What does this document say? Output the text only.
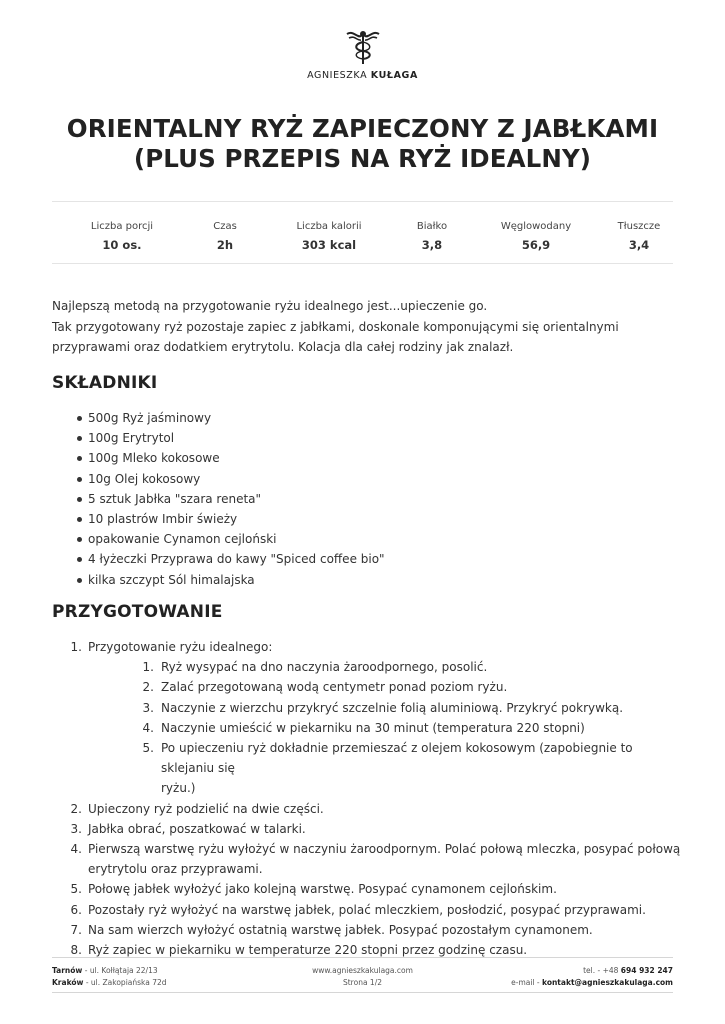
AGNIESZKA KUŁAGA
ORIENTALNY RYŻ ZAPIECZONY Z JABŁKAMI
(PLUS PRZEPIS NA RYŻ IDEALNY)
Liczba porcji
10 os.
Czas
2h
Liczba kalorii
303 kcal
Białko
3,8
Węglowodany
56,9
Tłuszcze
3,4

Najlepszą metodą na przygotowanie ryżu idealnego jest...upieczenie go.

Tak przygotowany ryż pozostaje zapiec z jabłkami, doskonale komponującymi się orientalnymi

przyprawami oraz dodatkiem erytrytolu. Kolacja dla całej rodziny jak znalazł.

SKŁADNIKI
500g Ryż jaśminowy
100g Erytrytol
100g Mleko kokosowe
10g Olej kokosowy
5 sztuk Jabłka "szara reneta"
10 plastrów Imbir świeży
opakowanie Cynamon cejloński
4 łyżeczki Przyprawa do kawy "Spiced coffee bio"
kilka szczypt Sól himalajska
PRZYGOTOWANIE
1. Przygotowanie ryżu idealnego:
1. Ryż wysypać na dno naczynia żaroodpornego, posolić.
2. Zalać przegotowaną wodą centymetr ponad poziom ryżu.
3. Naczynie z wierzchu przykryć szczelnie folią aluminiową. Przykryć pokrywką.
4. Naczynie umieścić w piekarniku na 30 minut (temperatura 220 stopni)
5. Po upieczeniu ryż dokładnie przemieszać z olejem kokosowym (zapobiegnie to sklejaniu się
ryżu.)
2. Upieczony ryż podzielić na dwie części.
3. Jabłka obrać, poszatkować w talarki.
4. Pierwszą warstwę ryżu wyłożyć w naczyniu żaroodpornym. Polać połową mleczka, posypać połową
erytrytolu oraz przyprawami.
5. Połowę jabłek wyłożyć jako kolejną warstwę. Posypać cynamonem cejlońskim.
6. Pozostały ryż wyłożyć na warstwę jabłek, polać mleczkiem, posłodzić, posypać przyprawami.
7. Na sam wierzch wyłożyć ostatnią warstwę jabłek. Posypać pozostałym cynamonem.
8. Ryż zapiec w piekarniku w temperaturze 220 stopni przez godzinę czasu.
Tarnów - ul. Kołłątaja 22/13
Kraków - ul. Zakopiańska 72d
www.agnieszkakulaga.com
Strona 1/2
tel. - +48 694 932 247
e-mail - kontakt@agnieszkakulaga.com
